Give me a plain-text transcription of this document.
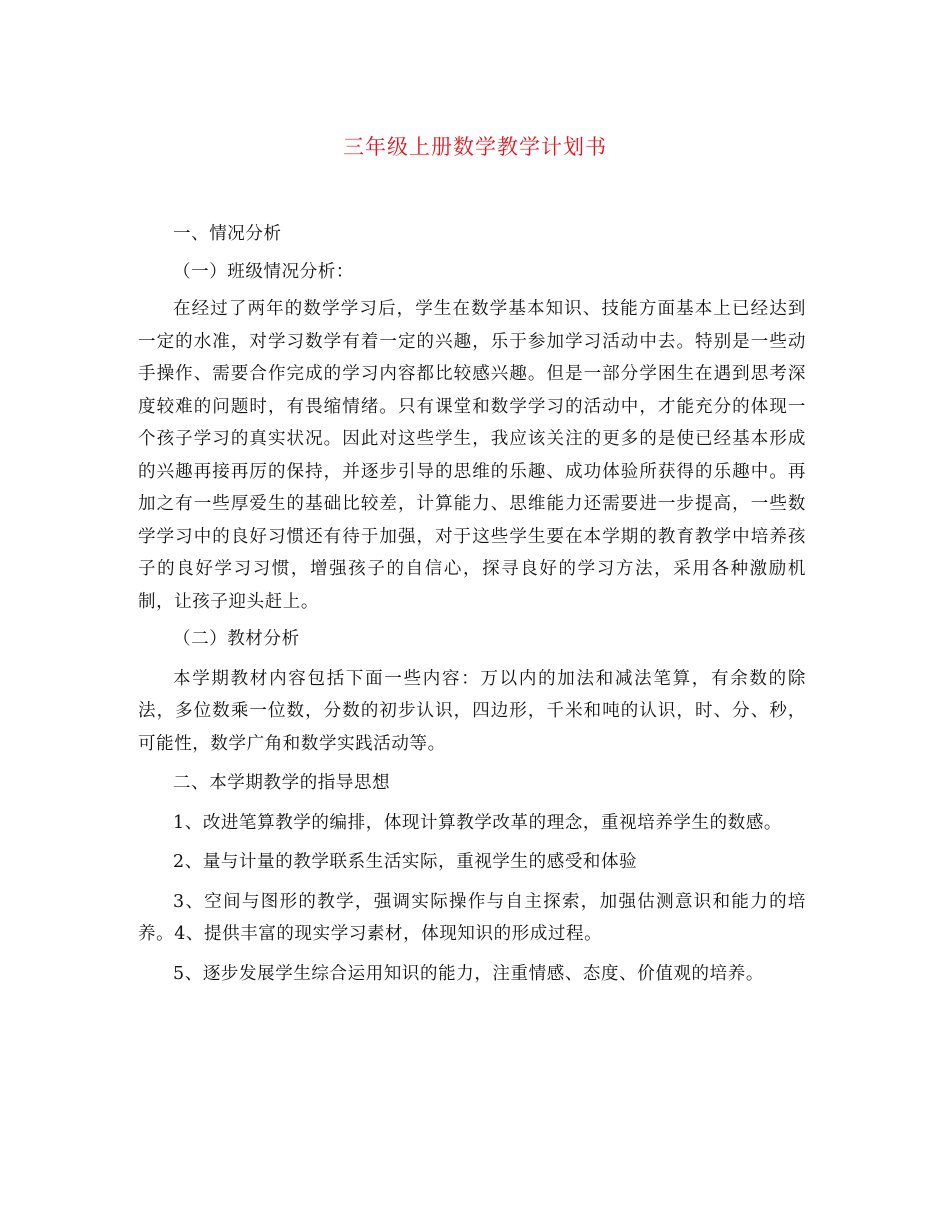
三年级上册数学教学计划书

一、情况分析

（一）班级情况分析：

在经过了两年的数学学习后，学生在数学基本知识、技能方面基本上已经达到一定的水准，对学习数学有着一定的兴趣，乐于参加学习活动中去。特别是一些动手操作、需要合作完成的学习内容都比较感兴趣。但是一部分学困生在遇到思考深度较难的问题时，有畏缩情绪。只有课堂和数学学习的活动中，才能充分的体现一个孩子学习的真实状况。因此对这些学生，我应该关注的更多的是使已经基本形成的兴趣再接再厉的保持，并逐步引导的思维的乐趣、成功体验所获得的乐趣中。再加之有一些厚爱生的基础比较差，计算能力、思维能力还需要进一步提高，一些数学学习中的良好习惯还有待于加强，对于这些学生要在本学期的教育教学中培养孩子的良好学习习惯，增强孩子的自信心，探寻良好的学习方法，采用各种激励机制，让孩子迎头赶上。

（二）教材分析

本学期教材内容包括下面一些内容：万以内的加法和减法笔算，有余数的除法，多位数乘一位数，分数的初步认识，四边形，千米和吨的认识，时、分、秒，可能性，数学广角和数学实践活动等。

二、本学期教学的指导思想

1、改进笔算教学的编排，体现计算教学改革的理念，重视培养学生的数感。

2、量与计量的教学联系生活实际，重视学生的感受和体验

3、空间与图形的教学，强调实际操作与自主探索，加强估测意识和能力的培养。4、提供丰富的现实学习素材，体现知识的形成过程。

5、逐步发展学生综合运用知识的能力，注重情感、态度、价值观的培养。
